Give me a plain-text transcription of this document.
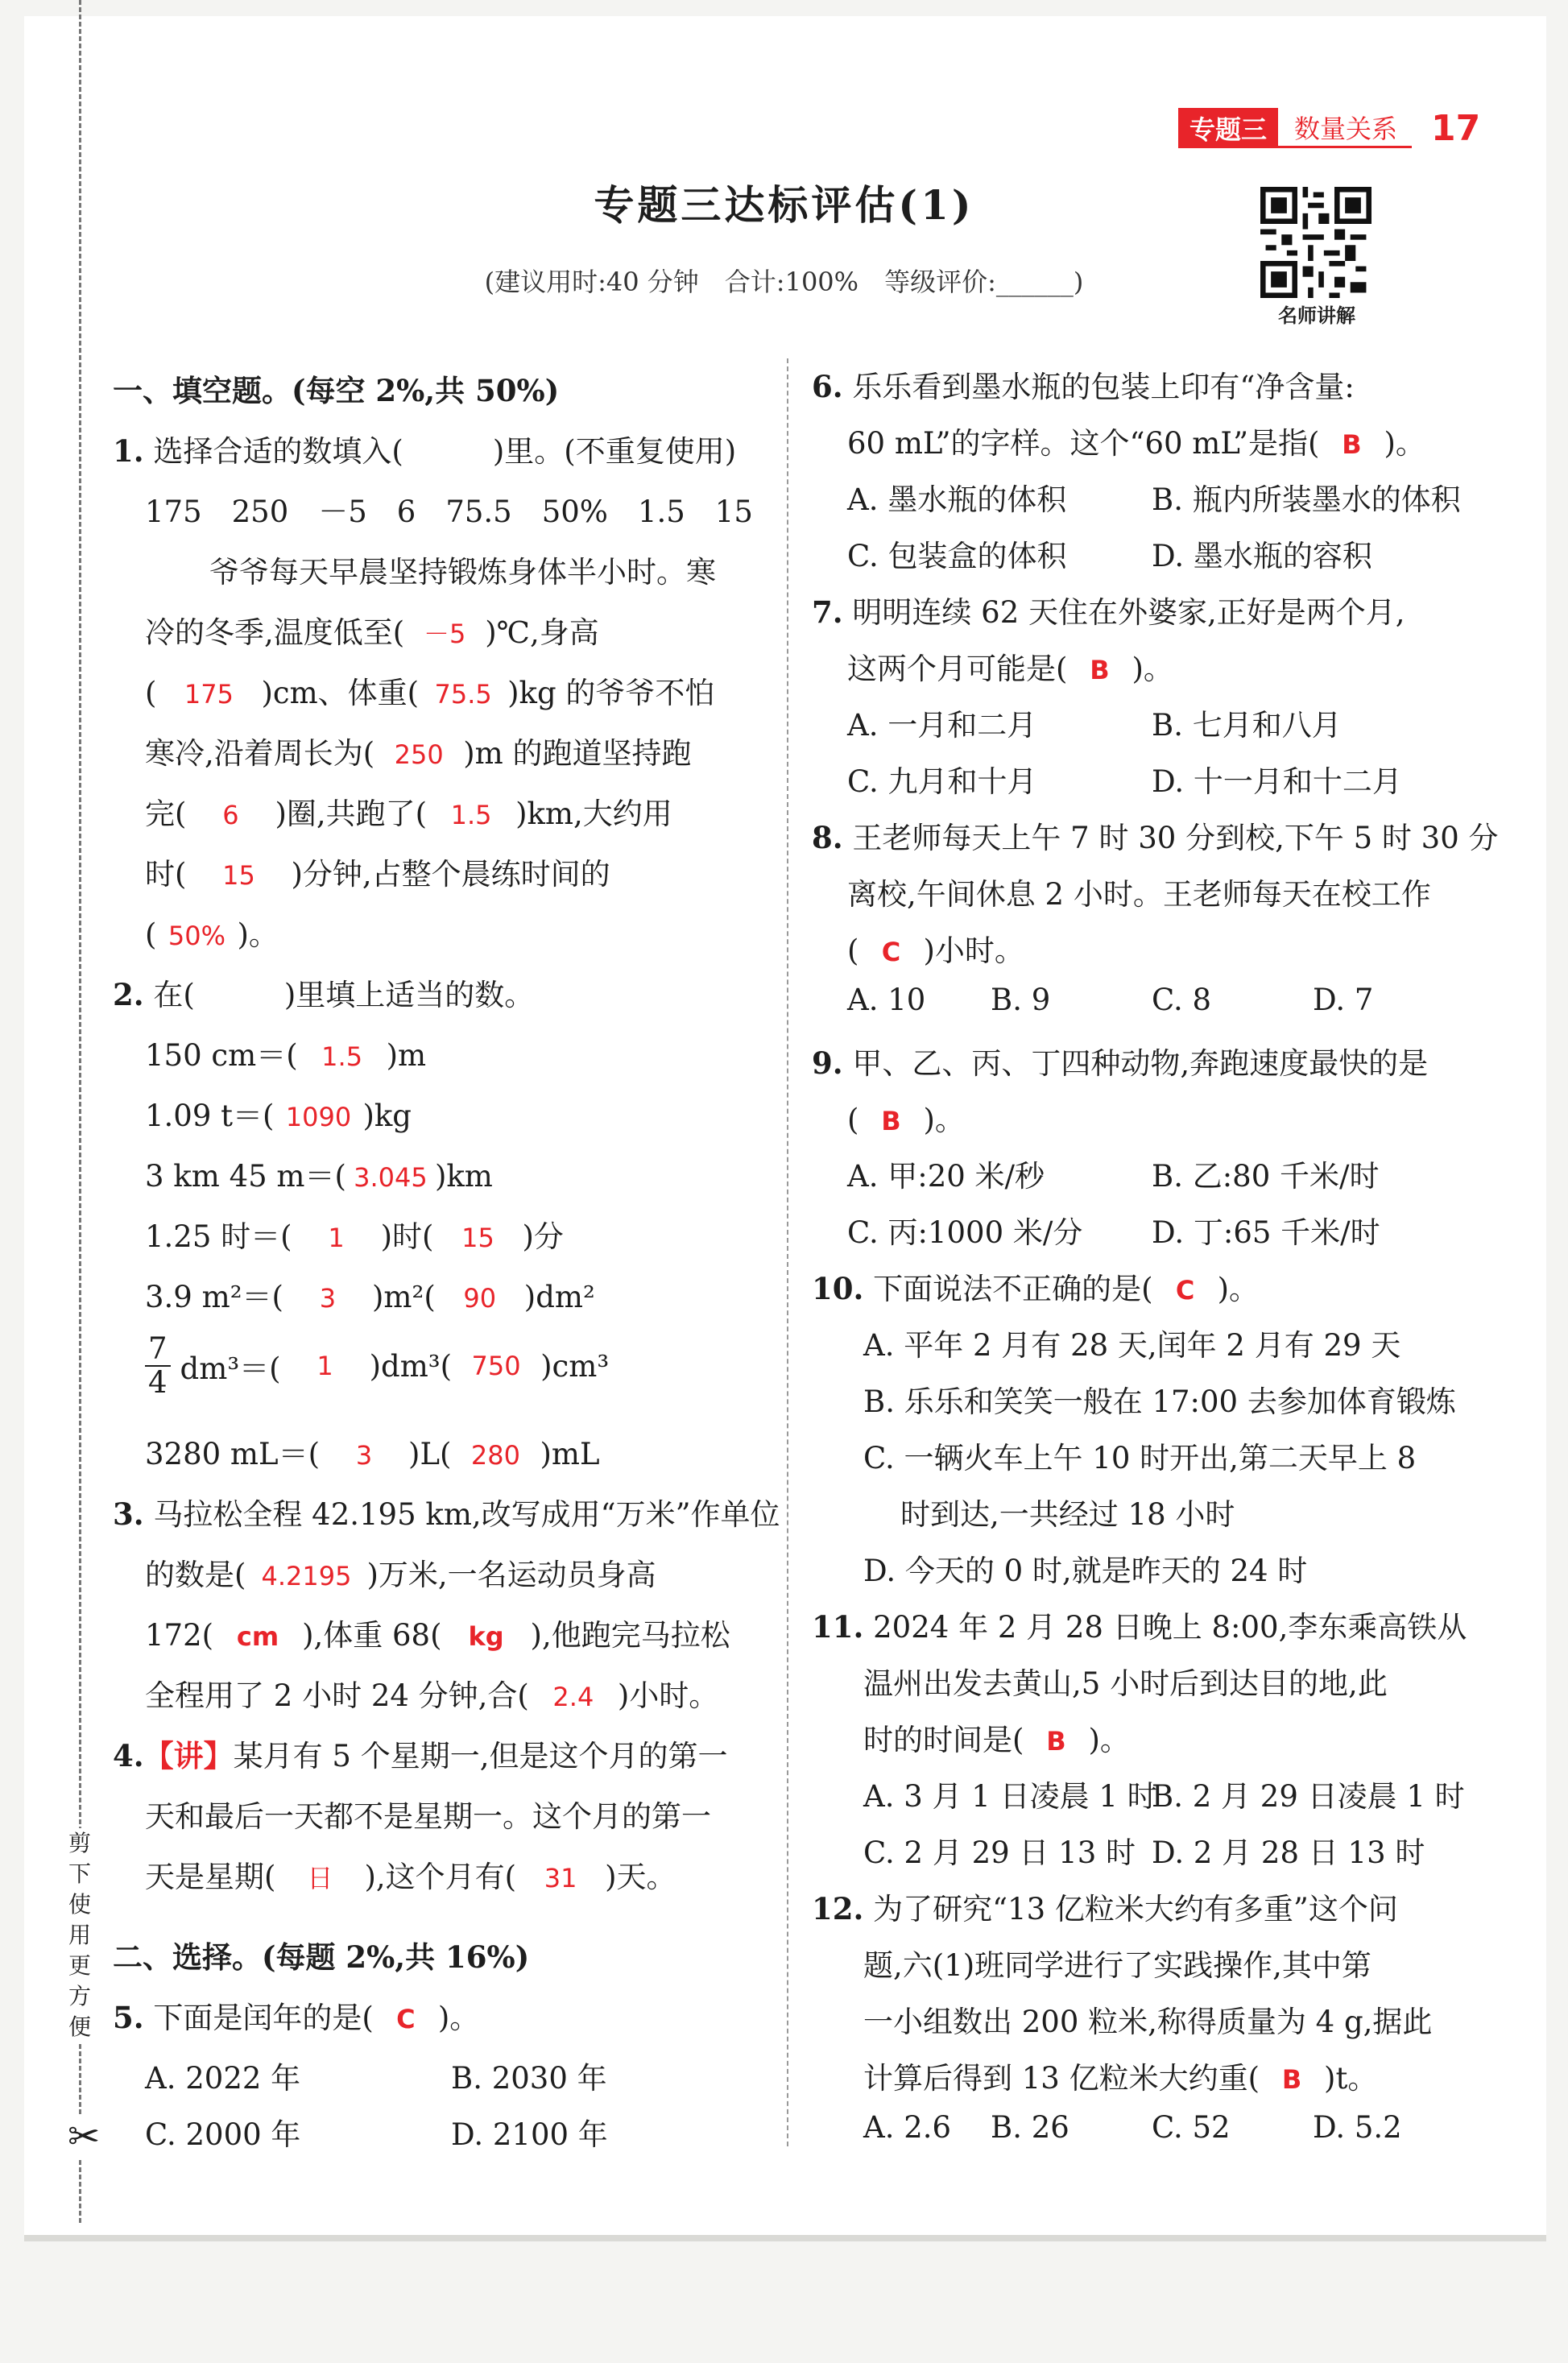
剪下使用更方便
✂
专题三	数量关系 17
专题三达标评估(1)
(建议用时:40 分钟　合计:100%　等级评价:______)
名师讲解
一、填空题。(每空 2%,共 50%)
1. 选择合适的数填入(　　　)里。(不重复使用)
175　250　－5　6　75.5　50%　1.5　15
爷爷每天早晨坚持锻炼身体半小时。寒
冷的冬季,温度低至( －5 )℃,身高
( 175 )cm、体重( 75.5 )kg 的爷爷不怕
寒冷,沿着周长为( 250 )m 的跑道坚持跑
完( 6 )圈,共跑了( 1.5 )km,大约用
时( 15 )分钟,占整个晨练时间的
( 50% )。
2. 在(　　　)里填上适当的数。
150 cm＝( 1.5 )m
1.09 t＝( 1090 )kg
3 km 45 m＝( 3.045 )km
1.25 时＝( 1 )时( 15 )分
3.9 m²＝( 3 )m²( 90 )dm²
$\frac{7}{4} dm^3=$(	1	)dm³( 750 )cm³
3280 mL＝( 3 )L( 280 )mL
3. 马拉松全程 42.195 km,改写成用“万米”作单位
的数是( 4.2195 )万米,一名运动员身高
172( cm ),体重 68( kg ),他跑完马拉松
全程用了 2 小时 24 分钟,合( 2.4 )小时。
4.【讲】某月有 5 个星期一,但是这个月的第一
天和最后一天都不是星期一。这个月的第一
天是星期( 日 ),这个月有( 31 )天。
二、选择。(每题 2%,共 16%)
5. 下面是闰年的是( C )。
A. 2022 年	B. 2030 年
C. 2000 年	D. 2100 年
6. 乐乐看到墨水瓶的包装上印有“净含量:
60 mL”的字样。这个“60 mL”是指( B )。
A. 墨水瓶的体积	B. 瓶内所装墨水的体积
C. 包装盒的体积	D. 墨水瓶的容积
7. 明明连续 62 天住在外婆家,正好是两个月,
这两个月可能是( B )。
A. 一月和二月	B. 七月和八月
C. 九月和十月	D. 十一月和十二月
8. 王老师每天上午 7 时 30 分到校,下午 5 时 30 分
离校,午间休息 2 小时。王老师每天在校工作
( C )小时。
A. 10 B. 9	C. 8	D. 7
9. 甲、乙、丙、丁四种动物,奔跑速度最快的是
( B )。
A. 甲:20 米/秒	B. 乙:80 千米/时
C. 丙:1000 米/分 D. 丁:65 千米/时
10. 下面说法不正确的是( C )。
A. 平年 2 月有 28 天,闰年 2 月有 29 天
B. 乐乐和笑笑一般在 17:00 去参加体育锻炼
C. 一辆火车上午 10 时开出,第二天早上 8
时到达,一共经过 18 小时
D. 今天的 0 时,就是昨天的 24 时
11. 2024 年 2 月 28 日晚上 8:00,李东乘高铁从
温州出发去黄山,5 小时后到达目的地,此
时的时间是( B )。
A. 3 月 1 日凌晨 1 时
B. 2 月 29 日凌晨 1 时
C. 2 月 29 日 13 时 D. 2 月 28 日 13 时
12. 为了研究“13 亿粒米大约有多重”这个问
题,六(1)班同学进行了实践操作,其中第
一小组数出 200 粒米,称得质量为 4 g,据此
计算后得到 13 亿粒米大约重( B )t。
A. 2.6 B. 26	C. 52	D. 5.2
